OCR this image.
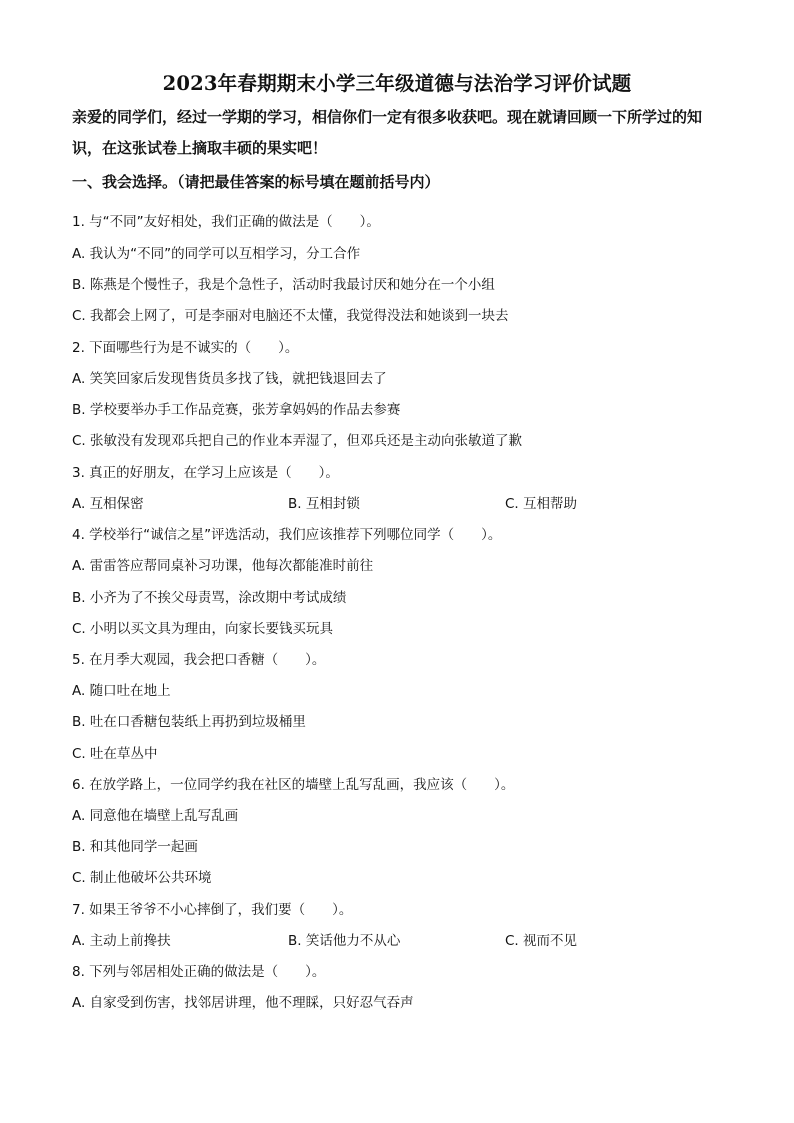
2023年春期期末小学三年级道德与法治学习评价试题
亲爱的同学们，经过一学期的学习，相信你们一定有很多收获吧。现在就请回顾一下所学过的知识，在这张试卷上摘取丰硕的果实吧！
一、我会选择。（请把最佳答案的标号填在题前括号内）
1. 与“不同”友好相处，我们正确的做法是（　　）。
A. 我认为“不同”的同学可以互相学习，分工合作
B. 陈燕是个慢性子，我是个急性子，活动时我最讨厌和她分在一个小组
C. 我都会上网了，可是李丽对电脑还不太懂，我觉得没法和她谈到一块去
2. 下面哪些行为是不诚实的（　　）。
A. 笑笑回家后发现售货员多找了钱，就把钱退回去了
B. 学校要举办手工作品竞赛，张芳拿妈妈的作品去参赛
C. 张敏没有发现邓兵把自己的作业本弄湿了，但邓兵还是主动向张敏道了歉
3. 真正的好朋友，在学习上应该是（　　）。
A. 互相保密	B. 互相封锁	C. 互相帮助
4. 学校举行“诚信之星”评选活动，我们应该推荐下列哪位同学（　　）。
A. 雷雷答应帮同桌补习功课，他每次都能准时前往
B. 小齐为了不挨父母责骂，涂改期中考试成绩
C. 小明以买文具为理由，向家长要钱买玩具
5. 在月季大观园，我会把口香糖（　　）。
A. 随口吐在地上
B. 吐在口香糖包装纸上再扔到垃圾桶里
C. 吐在草丛中
6. 在放学路上，一位同学约我在社区的墙壁上乱写乱画，我应该（　　）。
A. 同意他在墙壁上乱写乱画
B. 和其他同学一起画
C. 制止他破坏公共环境
7. 如果王爷爷不小心摔倒了，我们要（　　）。
A. 主动上前搀扶	B. 笑话他力不从心	C. 视而不见
8. 下列与邻居相处正确的做法是（　　）。
A. 自家受到伤害，找邻居讲理，他不理睬，只好忍气吞声
